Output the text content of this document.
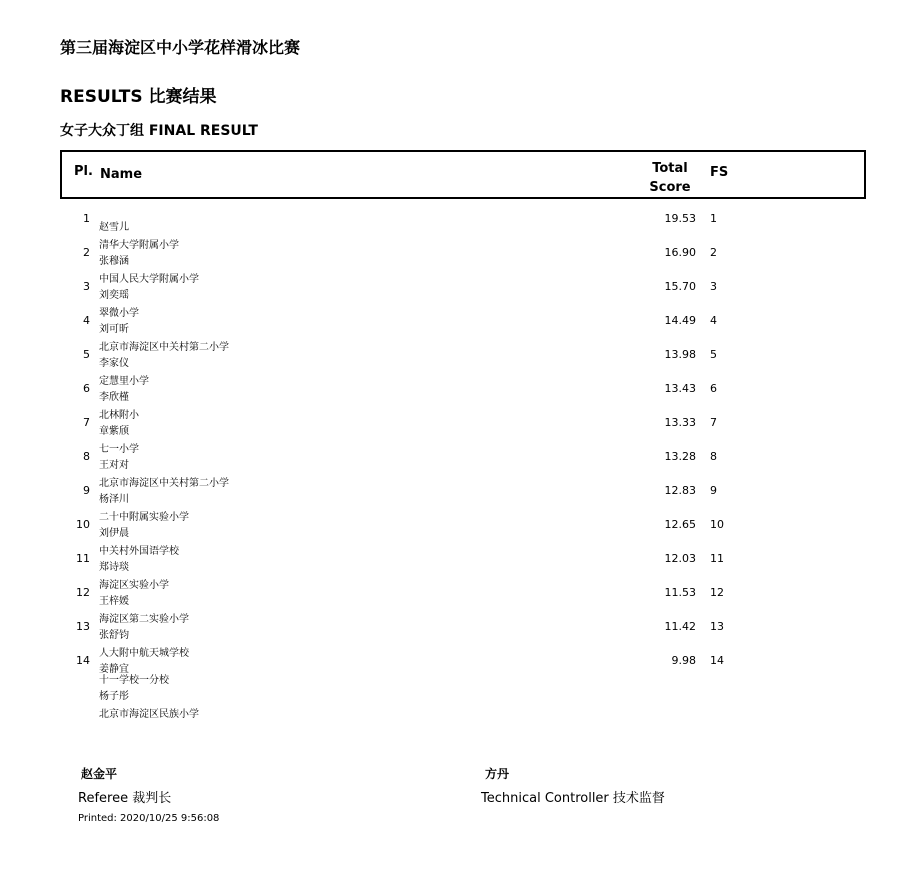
第三届海淀区中小学花样滑冰比赛
RESULTS 比赛结果
女子大众丁组 FINAL RESULT
Pl. Name	Total Score
FS
1
赵雪儿
19.53 1
2
清华大学附属小学
张穆涵
16.90 2
3
中国人民大学附属小学
刘奕瑶
15.70 3
4
翠微小学
刘可昕
14.49 4
5
北京市海淀区中关村第二小学
李家仪
13.98 5
6
定慧里小学
李欣槿
13.43 6
7
北林附小
章紫颀
13.33 7
8
七一小学
王对对
13.28 8
9
北京市海淀区中关村第二小学
杨泽川
12.83 9
10
二十中附属实验小学
刘伊晨
12.65 10
11
中关村外国语学校
郑诗琰
12.03 11
12
海淀区实验小学
王梓媛
11.53 12
13
海淀区第二实验小学
张舒钧
11.42 13
14
人大附中航天城学校
姜静宜
9.98 14
十一学校一分校
杨子彤
北京市海淀区民族小学
赵金平
Referee 裁判长
方丹
Technical Controller 技术监督
Printed: 2020/10/25 9:56:08
